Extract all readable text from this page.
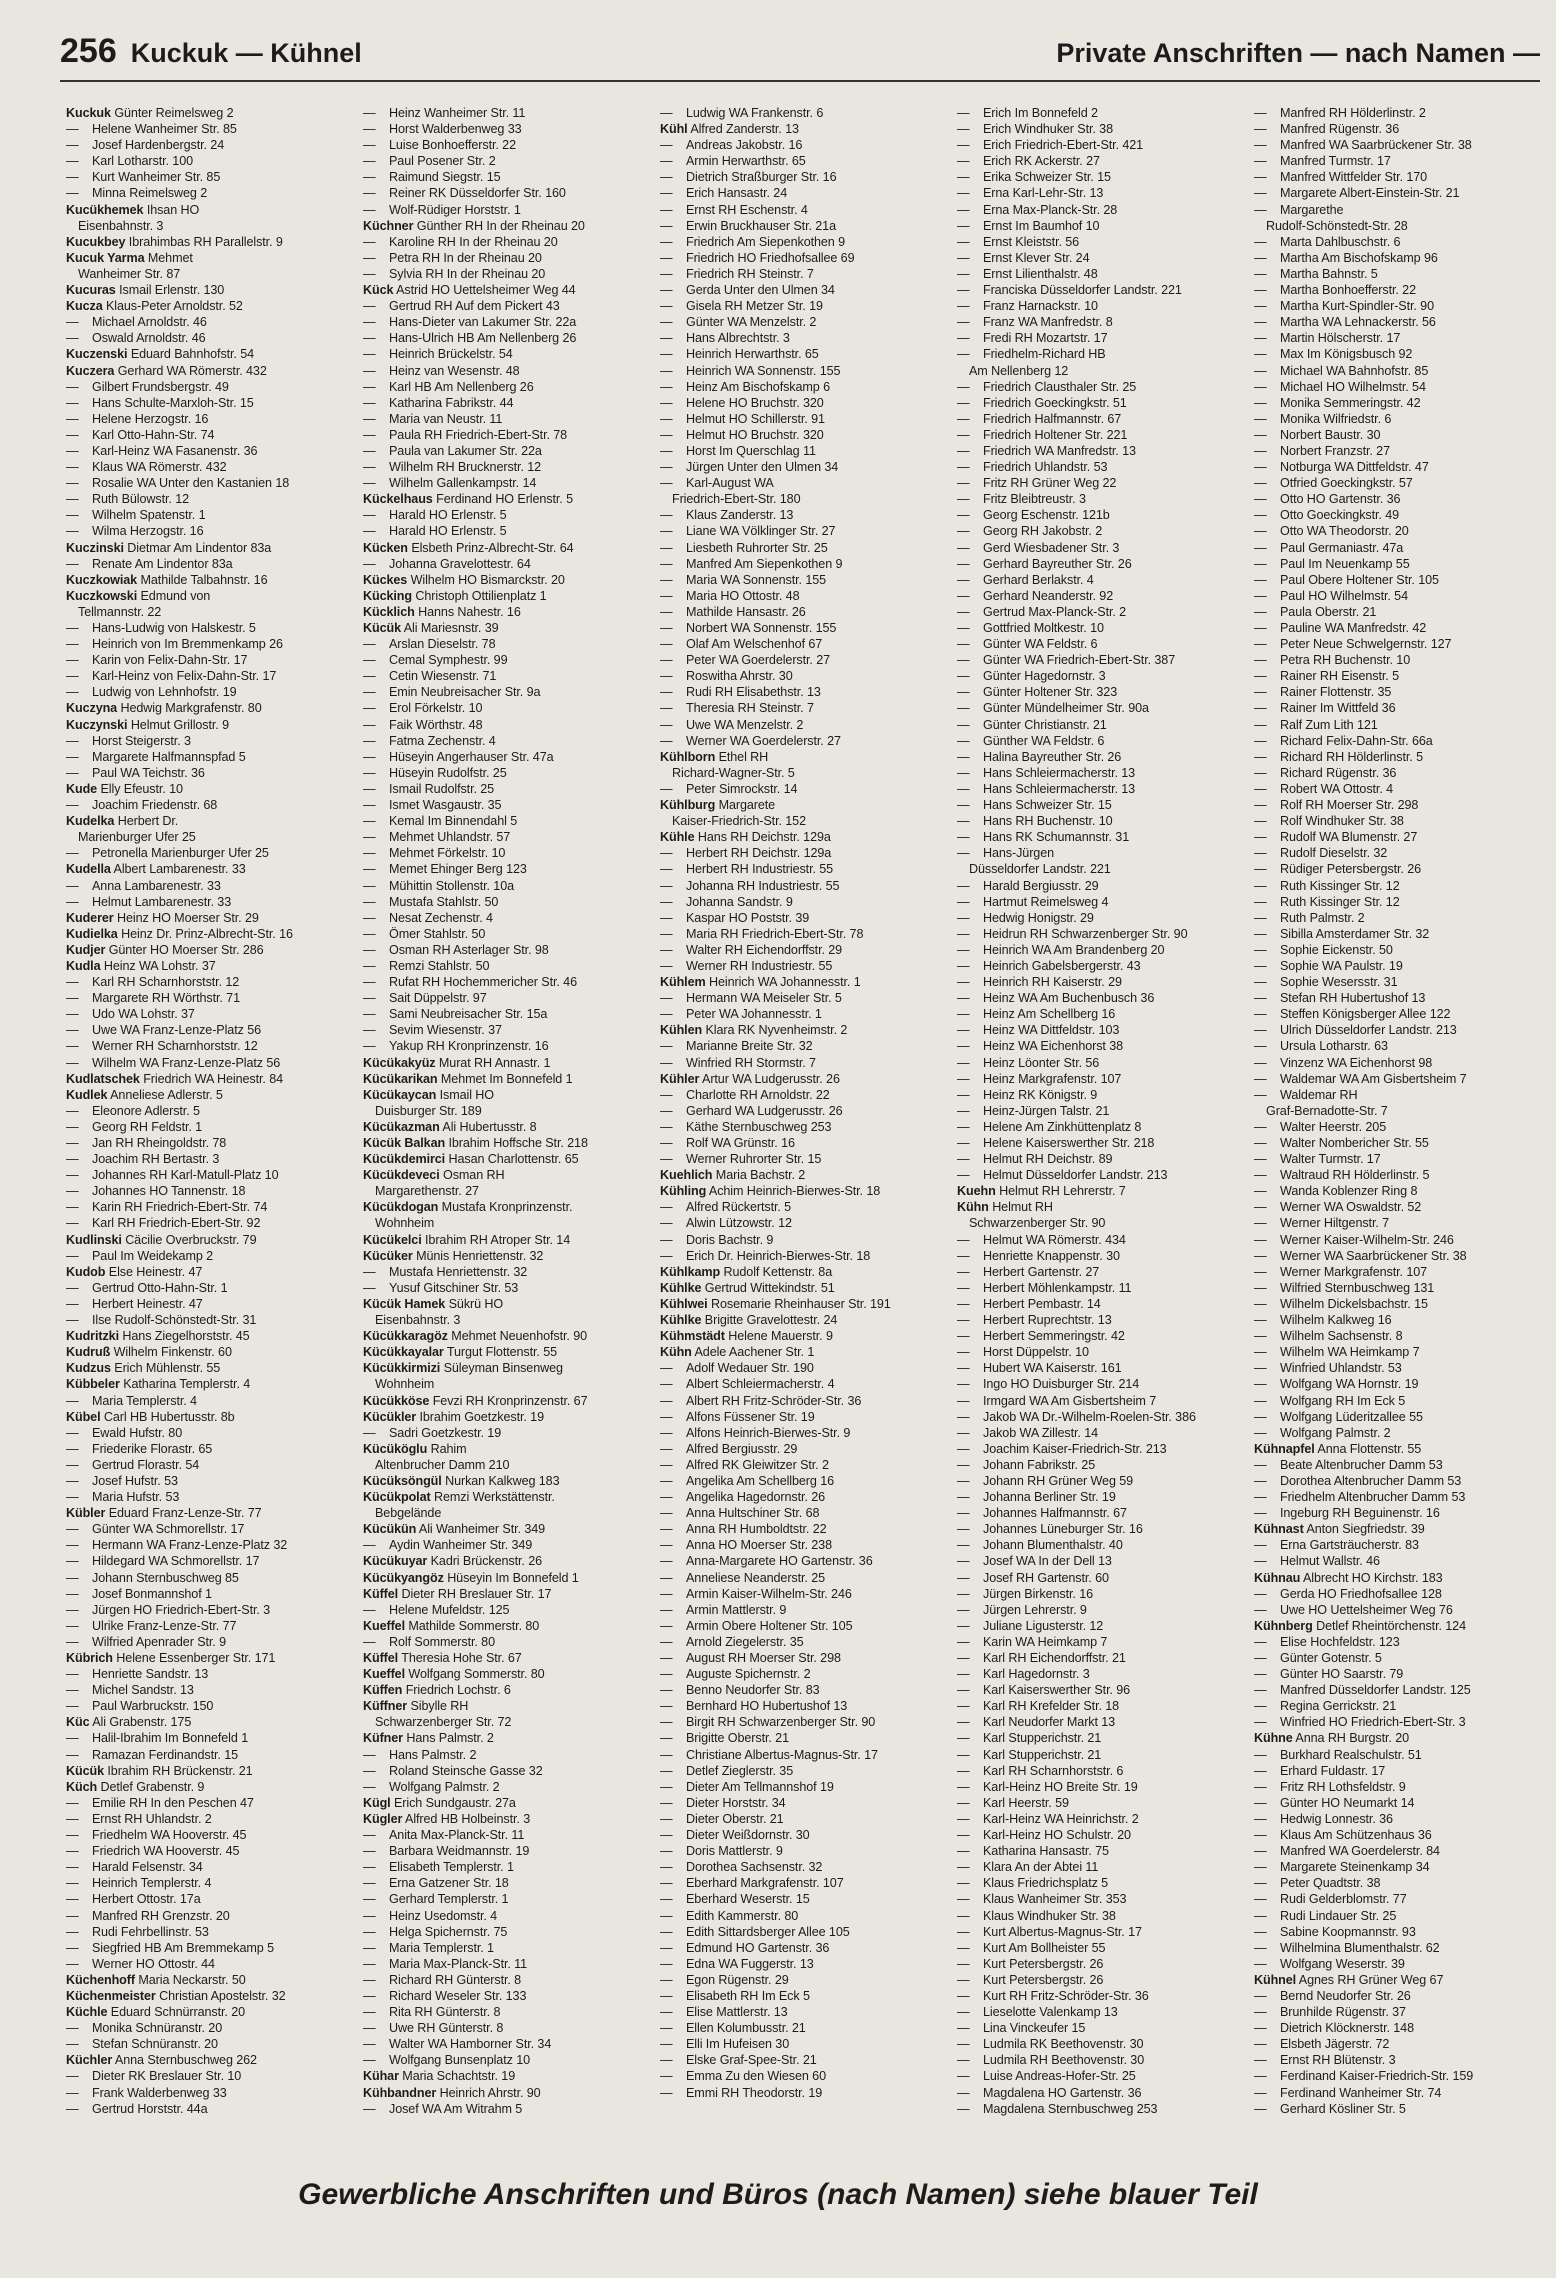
256 Kuckuk — Kühnel	Private Anschriften — nach Namen —
Kuckuk Günter Reimelsweg 2
— Helene Wanheimer Str. 85
— Josef Hardenbergstr. 24
— Karl Lotharstr. 100
— Kurt Wanheimer Str. 85
— Minna Reimelsweg 2
Kucükhemek Ihsan HO
Eisenbahnstr. 3
Kucukbey Ibrahimbas RH Parallelstr. 9
Kucuk Yarma Mehmet
Wanheimer Str. 87
Kucuras Ismail Erlenstr. 130
Kucza Klaus-Peter Arnoldstr. 52
— Michael Arnoldstr. 46
— Oswald Arnoldstr. 46
Kuczenski Eduard Bahnhofstr. 54
Kuczera Gerhard WA Römerstr. 432
— Gilbert Frundsbergstr. 49
— Hans Schulte-Marxloh-Str. 15
— Helene Herzogstr. 16
— Karl Otto-Hahn-Str. 74
— Karl-Heinz WA Fasanenstr. 36
— Klaus WA Römerstr. 432
— Rosalie WA Unter den Kastanien 18
— Ruth Bülowstr. 12
— Wilhelm Spatenstr. 1
— Wilma Herzogstr. 16
Kuczinski Dietmar Am Lindentor 83a
— Renate Am Lindentor 83a
Kuczkowiak Mathilde Talbahnstr. 16
Kuczkowski Edmund von
Tellmannstr. 22
— Hans-Ludwig von Halskestr. 5
— Heinrich von Im Bremmenkamp 26
— Karin von Felix-Dahn-Str. 17
— Karl-Heinz von Felix-Dahn-Str. 17
— Ludwig von Lehnhofstr. 19
Kuczyna Hedwig Markgrafenstr. 80
Kuczynski Helmut Grillostr. 9
— Horst Steigerstr. 3
— Margarete Halfmannspfad 5
— Paul WA Teichstr. 36
Kude Elly Efeustr. 10
— Joachim Friedenstr. 68
Kudelka Herbert Dr.
Marienburger Ufer 25
— Petronella Marienburger Ufer 25
Kudella Albert Lambarenestr. 33
— Anna Lambarenestr. 33
— Helmut Lambarenestr. 33
Kuderer Heinz HO Moerser Str. 29
Kudielka Heinz Dr. Prinz-Albrecht-Str. 16
Kudjer Günter HO Moerser Str. 286
Kudla Heinz WA Lohstr. 37
— Karl RH Scharnhorststr. 12
— Margarete RH Wörthstr. 71
— Udo WA Lohstr. 37
— Uwe WA Franz-Lenze-Platz 56
— Werner RH Scharnhorststr. 12
— Wilhelm WA Franz-Lenze-Platz 56
Kudlatschek Friedrich WA Heinestr. 84
Kudlek Anneliese Adlerstr. 5
— Eleonore Adlerstr. 5
— Georg RH Feldstr. 1
— Jan RH Rheingoldstr. 78
— Joachim RH Bertastr. 3
— Johannes RH Karl-Matull-Platz 10
— Johannes HO Tannenstr. 18
— Karin RH Friedrich-Ebert-Str. 74
— Karl RH Friedrich-Ebert-Str. 92
Kudlinski Cäcilie Overbruckstr. 79
— Paul Im Weidekamp 2
Kudob Else Heinestr. 47
— Gertrud Otto-Hahn-Str. 1
— Herbert Heinestr. 47
— Ilse Rudolf-Schönstedt-Str. 31
Kudritzki Hans Ziegelhorststr. 45
Kudruß Wilhelm Finkenstr. 60
Kudzus Erich Mühlenstr. 55
Kübbeler Katharina Templerstr. 4
— Maria Templerstr. 4
Kübel Carl HB Hubertusstr. 8b
— Ewald Hufstr. 80
— Friederike Florastr. 65
— Gertrud Florastr. 54
— Josef Hufstr. 53
— Maria Hufstr. 53
Kübler Eduard Franz-Lenze-Str. 77
— Günter WA Schmorellstr. 17
— Hermann WA Franz-Lenze-Platz 32
— Hildegard WA Schmorellstr. 17
— Johann Sternbuschweg 85
— Josef Bonmannshof 1
— Jürgen HO Friedrich-Ebert-Str. 3
— Ulrike Franz-Lenze-Str. 77
— Wilfried Apenrader Str. 9
Kübrich Helene Essenberger Str. 171
— Henriette Sandstr. 13
— Michel Sandstr. 13
— Paul Warbruckstr. 150
Küc Ali Grabenstr. 175
— Halil-Ibrahim Im Bonnefeld 1
— Ramazan Ferdinandstr. 15
Kücük Ibrahim RH Brückenstr. 21
Küch Detlef Grabenstr. 9
— Emilie RH In den Peschen 47
— Ernst RH Uhlandstr. 2
— Friedhelm WA Hooverstr. 45
— Friedrich WA Hooverstr. 45
— Harald Felsenstr. 34
— Heinrich Templerstr. 4
— Herbert Ottostr. 17a
— Manfred RH Grenzstr. 20
— Rudi Fehrbellinstr. 53
— Siegfried HB Am Bremmekamp 5
— Werner HO Ottostr. 44
Küchenhoff Maria Neckarstr. 50
Küchenmeister Christian Apostelstr. 32
Küchle Eduard Schnürranstr. 20
— Monika Schnüranstr. 20
— Stefan Schnüranstr. 20
Küchler Anna Sternbuschweg 262
— Dieter RK Breslauer Str. 10
— Frank Walderbenweg 33
— Gertrud Horststr. 44a
— Heinz Wanheimer Str. 11
— Horst Walderbenweg 33
— Luise Bonhoefferstr. 22
— Paul Posener Str. 2
— Raimund Siegstr. 15
— Reiner RK Düsseldorfer Str. 160
— Wolf-Rüdiger Horststr. 1
Küchner Günther RH In der Rheinau 20
— Karoline RH In der Rheinau 20
— Petra RH In der Rheinau 20
— Sylvia RH In der Rheinau 20
Kück Astrid HO Uettelsheimer Weg 44
— Gertrud RH Auf dem Pickert 43
— Hans-Dieter van Lakumer Str. 22a
— Hans-Ulrich HB Am Nellenberg 26
— Heinrich Brückelstr. 54
— Heinz van Wesenstr. 48
— Karl HB Am Nellenberg 26
— Katharina Fabrikstr. 44
— Maria van Neustr. 11
— Paula RH Friedrich-Ebert-Str. 78
— Paula van Lakumer Str. 22a
— Wilhelm RH Brucknerstr. 12
— Wilhelm Gallenkampstr. 14
Kückelhaus Ferdinand HO Erlenstr. 5
— Harald HO Erlenstr. 5
— Harald HO Erlenstr. 5
Kücken Elsbeth Prinz-Albrecht-Str. 64
— Johanna Gravelottestr. 64
Kückes Wilhelm HO Bismarckstr. 20
Kücking Christoph Ottilienplatz 1
Kücklich Hanns Nahestr. 16
Kücük Ali Mariesnstr. 39
— Arslan Dieselstr. 78
— Cemal Symphestr. 99
— Cetin Wiesenstr. 71
— Emin Neubreisacher Str. 9a
— Erol Förkelstr. 10
— Faik Wörthstr. 48
— Fatma Zechenstr. 4
— Hüseyin Angerhauser Str. 47a
— Hüseyin Rudolfstr. 25
— Ismail Rudolfstr. 25
— Ismet Wasgaustr. 35
— Kemal Im Binnendahl 5
— Mehmet Uhlandstr. 57
— Mehmet Förkelstr. 10
— Memet Ehinger Berg 123
— Mühittin Stollenstr. 10a
— Mustafa Stahlstr. 50
— Nesat Zechenstr. 4
— Ömer Stahlstr. 50
— Osman RH Asterlager Str. 98
— Remzi Stahlstr. 50
— Rufat RH Hochemmericher Str. 46
— Sait Düppelstr. 97
— Sami Neubreisacher Str. 15a
— Sevim Wiesenstr. 37
— Yakup RH Kronprinzenstr. 16
Kücükakyüz Murat RH Annastr. 1
Kücükarikan Mehmet Im Bonnefeld 1
Kücükaycan Ismail HO
Duisburger Str. 189
Kücükazman Ali Hubertusstr. 8
Kücük Balkan Ibrahim Hoffsche Str. 218
Kücükdemirci Hasan Charlottenstr. 65
Kücükdeveci Osman RH
Margarethenstr. 27
Kücükdogan Mustafa Kronprinzenstr.
Wohnheim
Kücükelci Ibrahim RH Atroper Str. 14
Kücüker Münis Henriettenstr. 32
— Mustafa Henriettenstr. 32
— Yusuf Gitschiner Str. 53
Kücük Hamek Sükrü HO
Eisenbahnstr. 3
Kücükkaragöz Mehmet Neuenhofstr. 90
Kücükkayalar Turgut Flottenstr. 55
Kücükkirmizi Süleyman Binsenweg
Wohnheim
Kücükköse Fevzi RH Kronprinzenstr. 67
Kücükler Ibrahim Goetzkestr. 19
— Sadri Goetzkestr. 19
Kücüköglu Rahim
Altenbrucher Damm 210
Kücüksöngül Nurkan Kalkweg 183
Kücükpolat Remzi Werkstättenstr.
Bebgelände
Kücükün Ali Wanheimer Str. 349
— Aydin Wanheimer Str. 349
Kücükuyar Kadri Brückenstr. 26
Kücükyangöz Hüseyin Im Bonnefeld 1
Küffel Dieter RH Breslauer Str. 17
— Helene Mufeldstr. 125
Kueffel Mathilde Sommerstr. 80
— Rolf Sommerstr. 80
Küffel Theresia Hohe Str. 67
Kueffel Wolfgang Sommerstr. 80
Küffen Friedrich Lochstr. 6
Küffner Sibylle RH
Schwarzenberger Str. 72
Küfner Hans Palmstr. 2
— Hans Palmstr. 2
— Roland Steinsche Gasse 32
— Wolfgang Palmstr. 2
Kügl Erich Sundgaustr. 27a
Kügler Alfred HB Holbeinstr. 3
— Anita Max-Planck-Str. 11
— Barbara Weidmannstr. 19
— Elisabeth Templerstr. 1
— Erna Gatzener Str. 18
— Gerhard Templerstr. 1
— Heinz Usedomstr. 4
— Helga Spichernstr. 75
— Maria Templerstr. 1
— Maria Max-Planck-Str. 11
— Richard RH Günterstr. 8
— Richard Weseler Str. 133
— Rita RH Günterstr. 8
— Uwe RH Günterstr. 8
— Walter WA Hamborner Str. 34
— Wolfgang Bunsenplatz 10
Kühar Maria Schachtstr. 19
Kühbandner Heinrich Ahrstr. 90
— Josef WA Am Witrahm 5
— Ludwig WA Frankenstr. 6
Kühl Alfred Zanderstr. 13
— Andreas Jakobstr. 16
— Armin Herwarthstr. 65
— Dietrich Straßburger Str. 16
— Erich Hansastr. 24
— Ernst RH Eschenstr. 4
— Erwin Bruckhauser Str. 21a
— Friedrich Am Siepenkothen 9
— Friedrich HO Friedhofsallee 69
— Friedrich RH Steinstr. 7
— Gerda Unter den Ulmen 34
— Gisela RH Metzer Str. 19
— Günter WA Menzelstr. 2
— Hans Albrechtstr. 3
— Heinrich Herwarthstr. 65
— Heinrich WA Sonnenstr. 155
— Heinz Am Bischofskamp 6
— Helene HO Bruchstr. 320
— Helmut HO Schillerstr. 91
— Helmut HO Bruchstr. 320
— Horst Im Querschlag 11
— Jürgen Unter den Ulmen 34
— Karl-August WA
Friedrich-Ebert-Str. 180
— Klaus Zanderstr. 13
— Liane WA Völklinger Str. 27
— Liesbeth Ruhrorter Str. 25
— Manfred Am Siepenkothen 9
— Maria WA Sonnenstr. 155
— Maria HO Ottostr. 48
— Mathilde Hansastr. 26
— Norbert WA Sonnenstr. 155
— Olaf Am Welschenhof 67
— Peter WA Goerdelerstr. 27
— Roswitha Ahrstr. 30
— Rudi RH Elisabethstr. 13
— Theresia RH Steinstr. 7
— Uwe WA Menzelstr. 2
— Werner WA Goerdelerstr. 27
Kühlborn Ethel RH
Richard-Wagner-Str. 5
— Peter Simrockstr. 14
Kühlburg Margarete
Kaiser-Friedrich-Str. 152
Kühle Hans RH Deichstr. 129a
— Herbert RH Deichstr. 129a
— Herbert RH Industriestr. 55
— Johanna RH Industriestr. 55
— Johanna Sandstr. 9
— Kaspar HO Poststr. 39
— Maria RH Friedrich-Ebert-Str. 78
— Walter RH Eichendorffstr. 29
— Werner RH Industriestr. 55
Kühlem Heinrich WA Johannesstr. 1
— Hermann WA Meiseler Str. 5
— Peter WA Johannesstr. 1
Kühlen Klara RK Nyvenheimstr. 2
— Marianne Breite Str. 32
— Winfried RH Stormstr. 7
Kühler Artur WA Ludgerusstr. 26
— Charlotte RH Arnoldstr. 22
— Gerhard WA Ludgerusstr. 26
— Käthe Sternbuschweg 253
— Rolf WA Grünstr. 16
— Werner Ruhrorter Str. 15
Kuehlich Maria Bachstr. 2
Kühling Achim Heinrich-Bierwes-Str. 18
— Alfred Rückertstr. 5
— Alwin Lützowstr. 12
— Doris Bachstr. 9
— Erich Dr. Heinrich-Bierwes-Str. 18
Kühlkamp Rudolf Kettenstr. 8a
Kühlke Gertrud Wittekindstr. 51
Kühlwei Rosemarie Rheinhauser Str. 191
Kühlke Brigitte Gravelottestr. 24
Kühmstädt Helene Mauerstr. 9
Kühn Adele Aachener Str. 1
— Adolf Wedauer Str. 190
— Albert Schleiermacherstr. 4
— Albert RH Fritz-Schröder-Str. 36
— Alfons Füssener Str. 19
— Alfons Heinrich-Bierwes-Str. 9
— Alfred Bergiusstr. 29
— Alfred RK Gleiwitzer Str. 2
— Angelika Am Schellberg 16
— Angelika Hagedornstr. 26
— Anna Hultschiner Str. 68
— Anna RH Humboldtstr. 22
— Anna HO Moerser Str. 238
— Anna-Margarete HO Gartenstr. 36
— Anneliese Neanderstr. 25
— Armin Kaiser-Wilhelm-Str. 246
— Armin Mattlerstr. 9
— Armin Obere Holtener Str. 105
— Arnold Ziegelerstr. 35
— August RH Moerser Str. 298
— Auguste Spichernstr. 2
— Benno Neudorfer Str. 83
— Bernhard HO Hubertushof 13
— Birgit RH Schwarzenberger Str. 90
— Brigitte Oberstr. 21
— Christiane Albertus-Magnus-Str. 17
— Detlef Zieglerstr. 35
— Dieter Am Tellmannshof 19
— Dieter Horststr. 34
— Dieter Oberstr. 21
— Dieter Weißdornstr. 30
— Doris Mattlerstr. 9
— Dorothea Sachsenstr. 32
— Eberhard Markgrafenstr. 107
— Eberhard Weserstr. 15
— Edith Kammerstr. 80
— Edith Sittardsberger Allee 105
— Edmund HO Gartenstr. 36
— Edna WA Fuggerstr. 13
— Egon Rügenstr. 29
— Elisabeth RH Im Eck 5
— Elise Mattlerstr. 13
— Ellen Kolumbusstr. 21
— Elli Im Hufeisen 30
— Elske Graf-Spee-Str. 21
— Emma Zu den Wiesen 60
— Emmi RH Theodorstr. 19
— Erich Im Bonnefeld 2
— Erich Windhuker Str. 38
— Erich Friedrich-Ebert-Str. 421
— Erich RK Ackerstr. 27
— Erika Schweizer Str. 15
— Erna Karl-Lehr-Str. 13
— Erna Max-Planck-Str. 28
— Ernst Im Baumhof 10
— Ernst Kleiststr. 56
— Ernst Klever Str. 24
— Ernst Lilienthalstr. 48
— Franciska Düsseldorfer Landstr. 221
— Franz Harnackstr. 10
— Franz WA Manfredstr. 8
— Fredi RH Mozartstr. 17
— Friedhelm-Richard HB
Am Nellenberg 12
— Friedrich Clausthaler Str. 25
— Friedrich Goeckingkstr. 51
— Friedrich Halfmannstr. 67
— Friedrich Holtener Str. 221
— Friedrich WA Manfredstr. 13
— Friedrich Uhlandstr. 53
— Fritz RH Grüner Weg 22
— Fritz Bleibtreustr. 3
— Georg Eschenstr. 121b
— Georg RH Jakobstr. 2
— Gerd Wiesbadener Str. 3
— Gerhard Bayreuther Str. 26
— Gerhard Berlakstr. 4
— Gerhard Neanderstr. 92
— Gertrud Max-Planck-Str. 2
— Gottfried Moltkestr. 10
— Günter WA Feldstr. 6
— Günter WA Friedrich-Ebert-Str. 387
— Günter Hagedornstr. 3
— Günter Holtener Str. 323
— Günter Mündelheimer Str. 90a
— Günter Christianstr. 21
— Günther WA Feldstr. 6
— Halina Bayreuther Str. 26
— Hans Schleiermacherstr. 13
— Hans Schleiermacherstr. 13
— Hans Schweizer Str. 15
— Hans RH Buchenstr. 10
— Hans RK Schumannstr. 31
— Hans-Jürgen
Düsseldorfer Landstr. 221
— Harald Bergiusstr. 29
— Hartmut Reimelsweg 4
— Hedwig Honigstr. 29
— Heidrun RH Schwarzenberger Str. 90
— Heinrich WA Am Brandenberg 20
— Heinrich Gabelsbergerstr. 43
— Heinrich RH Kaiserstr. 29
— Heinz WA Am Buchenbusch 36
— Heinz Am Schellberg 16
— Heinz WA Dittfeldstr. 103
— Heinz WA Eichenhorst 38
— Heinz Löonter Str. 56
— Heinz Markgrafenstr. 107
— Heinz RK Königstr. 9
— Heinz-Jürgen Talstr. 21
— Helene Am Zinkhüttenplatz 8
— Helene Kaiserswerther Str. 218
— Helmut RH Deichstr. 89
— Helmut Düsseldorfer Landstr. 213
Kuehn Helmut RH Lehrerstr. 7
Kühn Helmut RH
Schwarzenberger Str. 90
— Helmut WA Römerstr. 434
— Henriette Knappenstr. 30
— Herbert Gartenstr. 27
— Herbert Möhlenkampstr. 11
— Herbert Pembastr. 14
— Herbert Ruprechtstr. 13
— Herbert Semmeringstr. 42
— Horst Düppelstr. 10
— Hubert WA Kaiserstr. 161
— Ingo HO Duisburger Str. 214
— Irmgard WA Am Gisbertsheim 7
— Jakob WA Dr.-Wilhelm-Roelen-Str. 386
— Jakob WA Zillestr. 14
— Joachim Kaiser-Friedrich-Str. 213
— Johann Fabrikstr. 25
— Johann RH Grüner Weg 59
— Johanna Berliner Str. 19
— Johannes Halfmannstr. 67
— Johannes Lüneburger Str. 16
— Johann Blumenthalstr. 40
— Josef WA In der Dell 13
— Josef RH Gartenstr. 60
— Jürgen Birkenstr. 16
— Jürgen Lehrerstr. 9
— Juliane Ligusterstr. 12
— Karin WA Heimkamp 7
— Karl RH Eichendorffstr. 21
— Karl Hagedornstr. 3
— Karl Kaiserswerther Str. 96
— Karl RH Krefelder Str. 18
— Karl Neudorfer Markt 13
— Karl Stupperichstr. 21
— Karl Stupperichstr. 21
— Karl RH Scharnhorststr. 6
— Karl-Heinz HO Breite Str. 19
— Karl Heerstr. 59
— Karl-Heinz WA Heinrichstr. 2
— Karl-Heinz HO Schulstr. 20
— Katharina Hansastr. 75
— Klara An der Abtei 11
— Klaus Friedrichsplatz 5
— Klaus Wanheimer Str. 353
— Klaus Windhuker Str. 38
— Kurt Albertus-Magnus-Str. 17
— Kurt Am Bollheister 55
— Kurt Petersbergstr. 26
— Kurt Petersbergstr. 26
— Kurt RH Fritz-Schröder-Str. 36
— Lieselotte Valenkamp 13
— Lina Vinckeufer 15
— Ludmila RK Beethovenstr. 30
— Ludmila RH Beethovenstr. 30
— Luise Andreas-Hofer-Str. 25
— Magdalena HO Gartenstr. 36
— Magdalena Sternbuschweg 253
— Manfred RH Hölderlinstr. 2
— Manfred Rügenstr. 36
— Manfred WA Saarbrückener Str. 38
— Manfred Turmstr. 17
— Manfred Wittfelder Str. 170
— Margarete Albert-Einstein-Str. 21
— Margarethe
Rudolf-Schönstedt-Str. 28
— Marta Dahlbuschstr. 6
— Martha Am Bischofskamp 96
— Martha Bahnstr. 5
— Martha Bonhoefferstr. 22
— Martha Kurt-Spindler-Str. 90
— Martha WA Lehnackerstr. 56
— Martin Hölscherstr. 17
— Max Im Königsbusch 92
— Michael WA Bahnhofstr. 85
— Michael HO Wilhelmstr. 54
— Monika Semmeringstr. 42
— Monika Wilfriedstr. 6
— Norbert Baustr. 30
— Norbert Franzstr. 27
— Notburga WA Dittfeldstr. 47
— Otfried Goeckingkstr. 57
— Otto HO Gartenstr. 36
— Otto Goeckingkstr. 49
— Otto WA Theodorstr. 20
— Paul Germaniastr. 47a
— Paul Im Neuenkamp 55
— Paul Obere Holtener Str. 105
— Paul HO Wilhelmstr. 54
— Paula Oberstr. 21
— Pauline WA Manfredstr. 42
— Peter Neue Schwelgernstr. 127
— Petra RH Buchenstr. 10
— Rainer RH Eisenstr. 5
— Rainer Flottenstr. 35
— Rainer Im Wittfeld 36
— Ralf Zum Lith 121
— Richard Felix-Dahn-Str. 66a
— Richard RH Hölderlinstr. 5
— Richard Rügenstr. 36
— Robert WA Ottostr. 4
— Rolf RH Moerser Str. 298
— Rolf Windhuker Str. 38
— Rudolf WA Blumenstr. 27
— Rudolf Dieselstr. 32
— Rüdiger Petersbergstr. 26
— Ruth Kissinger Str. 12
— Ruth Kissinger Str. 12
— Ruth Palmstr. 2
— Sibilla Amsterdamer Str. 32
— Sophie Eickenstr. 50
— Sophie WA Paulstr. 19
— Sophie Wesersstr. 31
— Stefan RH Hubertushof 13
— Steffen Königsberger Allee 122
— Ulrich Düsseldorfer Landstr. 213
— Ursula Lotharstr. 63
— Vinzenz WA Eichenhorst 98
— Waldemar WA Am Gisbertsheim 7
— Waldemar RH
Graf-Bernadotte-Str. 7
— Walter Heerstr. 205
— Walter Nombericher Str. 55
— Walter Turmstr. 17
— Waltraud RH Hölderlinstr. 5
— Wanda Koblenzer Ring 8
— Werner WA Oswaldstr. 52
— Werner Hiltgenstr. 7
— Werner Kaiser-Wilhelm-Str. 246
— Werner WA Saarbrückener Str. 38
— Werner Markgrafenstr. 107
— Wilfried Sternbuschweg 131
— Wilhelm Dickelsbachstr. 15
— Wilhelm Kalkweg 16
— Wilhelm Sachsenstr. 8
— Wilhelm WA Heimkamp 7
— Winfried Uhlandstr. 53
— Wolfgang WA Hornstr. 19
— Wolfgang RH Im Eck 5
— Wolfgang Lüderitzallee 55
— Wolfgang Palmstr. 2
Kühnapfel Anna Flottenstr. 55
— Beate Altenbrucher Damm 53
— Dorothea Altenbrucher Damm 53
— Friedhelm Altenbrucher Damm 53
— Ingeburg RH Beguinenstr. 16
Kühnast Anton Siegfriedstr. 39
— Erna Gartsträucherstr. 83
— Helmut Wallstr. 46
Kühnau Albrecht HO Kirchstr. 183
— Gerda HO Friedhofsallee 128
— Uwe HO Uettelsheimer Weg 76
Kühnberg Detlef Rheintörchenstr. 124
— Elise Hochfeldstr. 123
— Günter Gotenstr. 5
— Günter HO Saarstr. 79
— Manfred Düsseldorfer Landstr. 125
— Regina Gerrickstr. 21
— Winfried HO Friedrich-Ebert-Str. 3
Kühne Anna RH Burgstr. 20
— Burkhard Realschulstr. 51
— Erhard Fuldastr. 17
— Fritz RH Lothsfeldstr. 9
— Günter HO Neumarkt 14
— Hedwig Lonnestr. 36
— Klaus Am Schützenhaus 36
— Manfred WA Goerdelerstr. 84
— Margarete Steinenkamp 34
— Peter Quadtstr. 38
— Rudi Gelderblomstr. 77
— Rudi Lindauer Str. 25
— Sabine Koopmannstr. 93
— Wilhelmina Blumenthalstr. 62
— Wolfgang Weserstr. 39
Kühnel Agnes RH Grüner Weg 67
— Bernd Neudorfer Str. 26
— Brunhilde Rügenstr. 37
— Dietrich Klöcknerstr. 148
— Elsbeth Jägerstr. 72
— Ernst RH Blütenstr. 3
— Ferdinand Kaiser-Friedrich-Str. 159
— Ferdinand Wanheimer Str. 74
— Gerhard Kösliner Str. 5
Gewerbliche Anschriften und Büros (nach Namen) siehe blauer Teil
